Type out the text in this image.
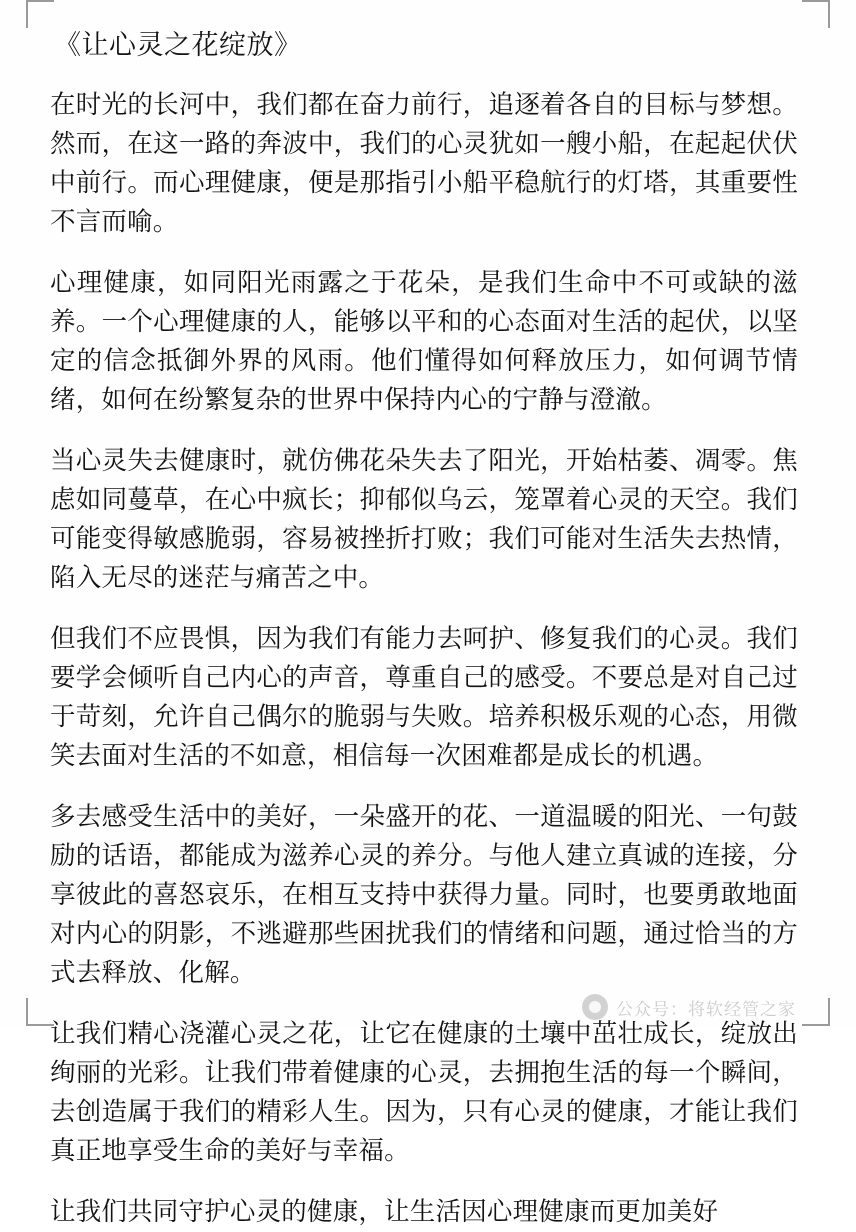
《让心灵之花绽放》

在时光的长河中，我们都在奋力前行，追逐着各自的目标与梦想。然而，在这一路的奔波中，我们的心灵犹如一艘小船，在起起伏伏中前行。而心理健康，便是那指引小船平稳航行的灯塔，其重要性不言而喻。

心理健康，如同阳光雨露之于花朵，是我们生命中不可或缺的滋养。一个心理健康的人，能够以平和的心态面对生活的起伏，以坚定的信念抵御外界的风雨。他们懂得如何释放压力，如何调节情绪，如何在纷繁复杂的世界中保持内心的宁静与澄澈。

当心灵失去健康时，就仿佛花朵失去了阳光，开始枯萎、凋零。焦虑如同蔓草，在心中疯长；抑郁似乌云，笼罩着心灵的天空。我们可能变得敏感脆弱，容易被挫折打败；我们可能对生活失去热情，陷入无尽的迷茫与痛苦之中。

但我们不应畏惧，因为我们有能力去呵护、修复我们的心灵。我们要学会倾听自己内心的声音，尊重自己的感受。不要总是对自己过于苛刻，允许自己偶尔的脆弱与失败。培养积极乐观的心态，用微笑去面对生活的不如意，相信每一次困难都是成长的机遇。

多去感受生活中的美好，一朵盛开的花、一道温暖的阳光、一句鼓励的话语，都能成为滋养心灵的养分。与他人建立真诚的连接，分享彼此的喜怒哀乐，在相互支持中获得力量。同时，也要勇敢地面对内心的阴影，不逃避那些困扰我们的情绪和问题，通过恰当的方式去释放、化解。

让我们精心浇灌心灵之花，让它在健康的土壤中茁壮成长，绽放出绚丽的光彩。让我们带着健康的心灵，去拥抱生活的每一个瞬间，去创造属于我们的精彩人生。因为，只有心灵的健康，才能让我们真正地享受生命的美好与幸福。

让我们共同守护心灵的健康，让生活因心理健康而更加美好

公众号：将软经管之家
